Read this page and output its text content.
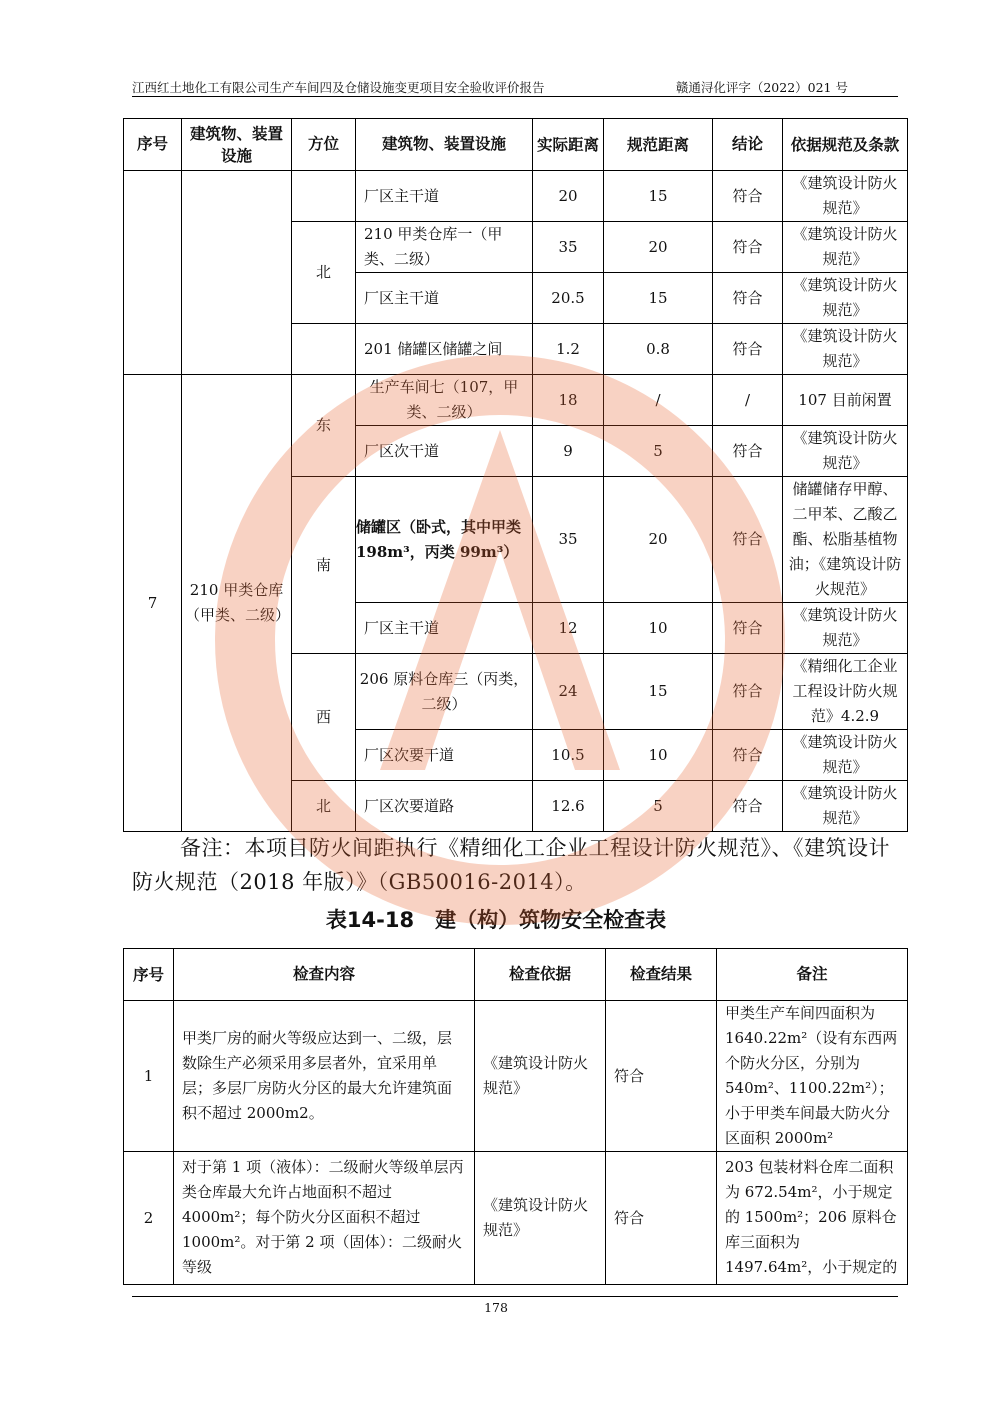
江西红土地化工有限公司生产车间四及仓储设施变更项目安全验收评价报告	赣通浔化评字（2022）021 号
序号	建筑物、装置设施	方位	建筑物、装置设施	实际距离	规范距离	结论	依据规范及条款
			厂区主干道	20	15	符合	《建筑设计防火规范》
		北	210 甲类仓库一（甲类、二级）	35	20	符合	《建筑设计防火规范》
			厂区主干道	20.5	15	符合	《建筑设计防火规范》
			201 储罐区储罐之间	1.2	0.8	符合	《建筑设计防火规范》
7	210 甲类仓库（甲类、二级）	东	生产车间七（107，甲类、二级）	18	/	/	107 目前闲置
			厂区次干道	9	5	符合	《建筑设计防火规范》
		南	储罐区（卧式，其中甲类 198m³，丙类 99m³）	35	20	符合	储罐储存甲醇、二甲苯、乙酸乙酯、松脂基植物油；《建筑设计防火规范》
			厂区主干道	12	10	符合	《建筑设计防火规范》
		西	206 原料仓库三（丙类，二级）	24	15	符合	《精细化工企业工程设计防火规范》4.2.9
			厂区次要干道	10.5	10	符合	《建筑设计防火规范》
		北	厂区次要道路	12.6	5	符合	《建筑设计防火规范》
备注：本项目防火间距执行《精细化工企业工程设计防火规范》、《建筑设计防火规范（2018 年版）》（GB50016-2014）。
表14-18　建（构）筑物安全检查表
序号	检查内容	检查依据	检查结果	备注
1	甲类厂房的耐火等级应达到一、二级，层数除生产必须采用多层者外，宜采用单层；多层厂房防火分区的最大允许建筑面积不超过 2000m2。	《建筑设计防火规范》	符合	甲类生产车间四面积为 1640.22m²（设有东西两个防火分区，分别为 540m²、1100.22m²）；小于甲类车间最大防火分区面积 2000m²
2	对于第 1 项（液体）：二级耐火等级单层丙类仓库最大允许占地面积不超过 4000m²；每个防火分区面积不超过 1000m²。对于第 2 项（固体）：二级耐火等级	《建筑设计防火规范》	符合	203 包装材料仓库二面积为 672.54m²，小于规定的 1500m²；206 原料仓库三面积为 1497.64m²，小于规定的
178
